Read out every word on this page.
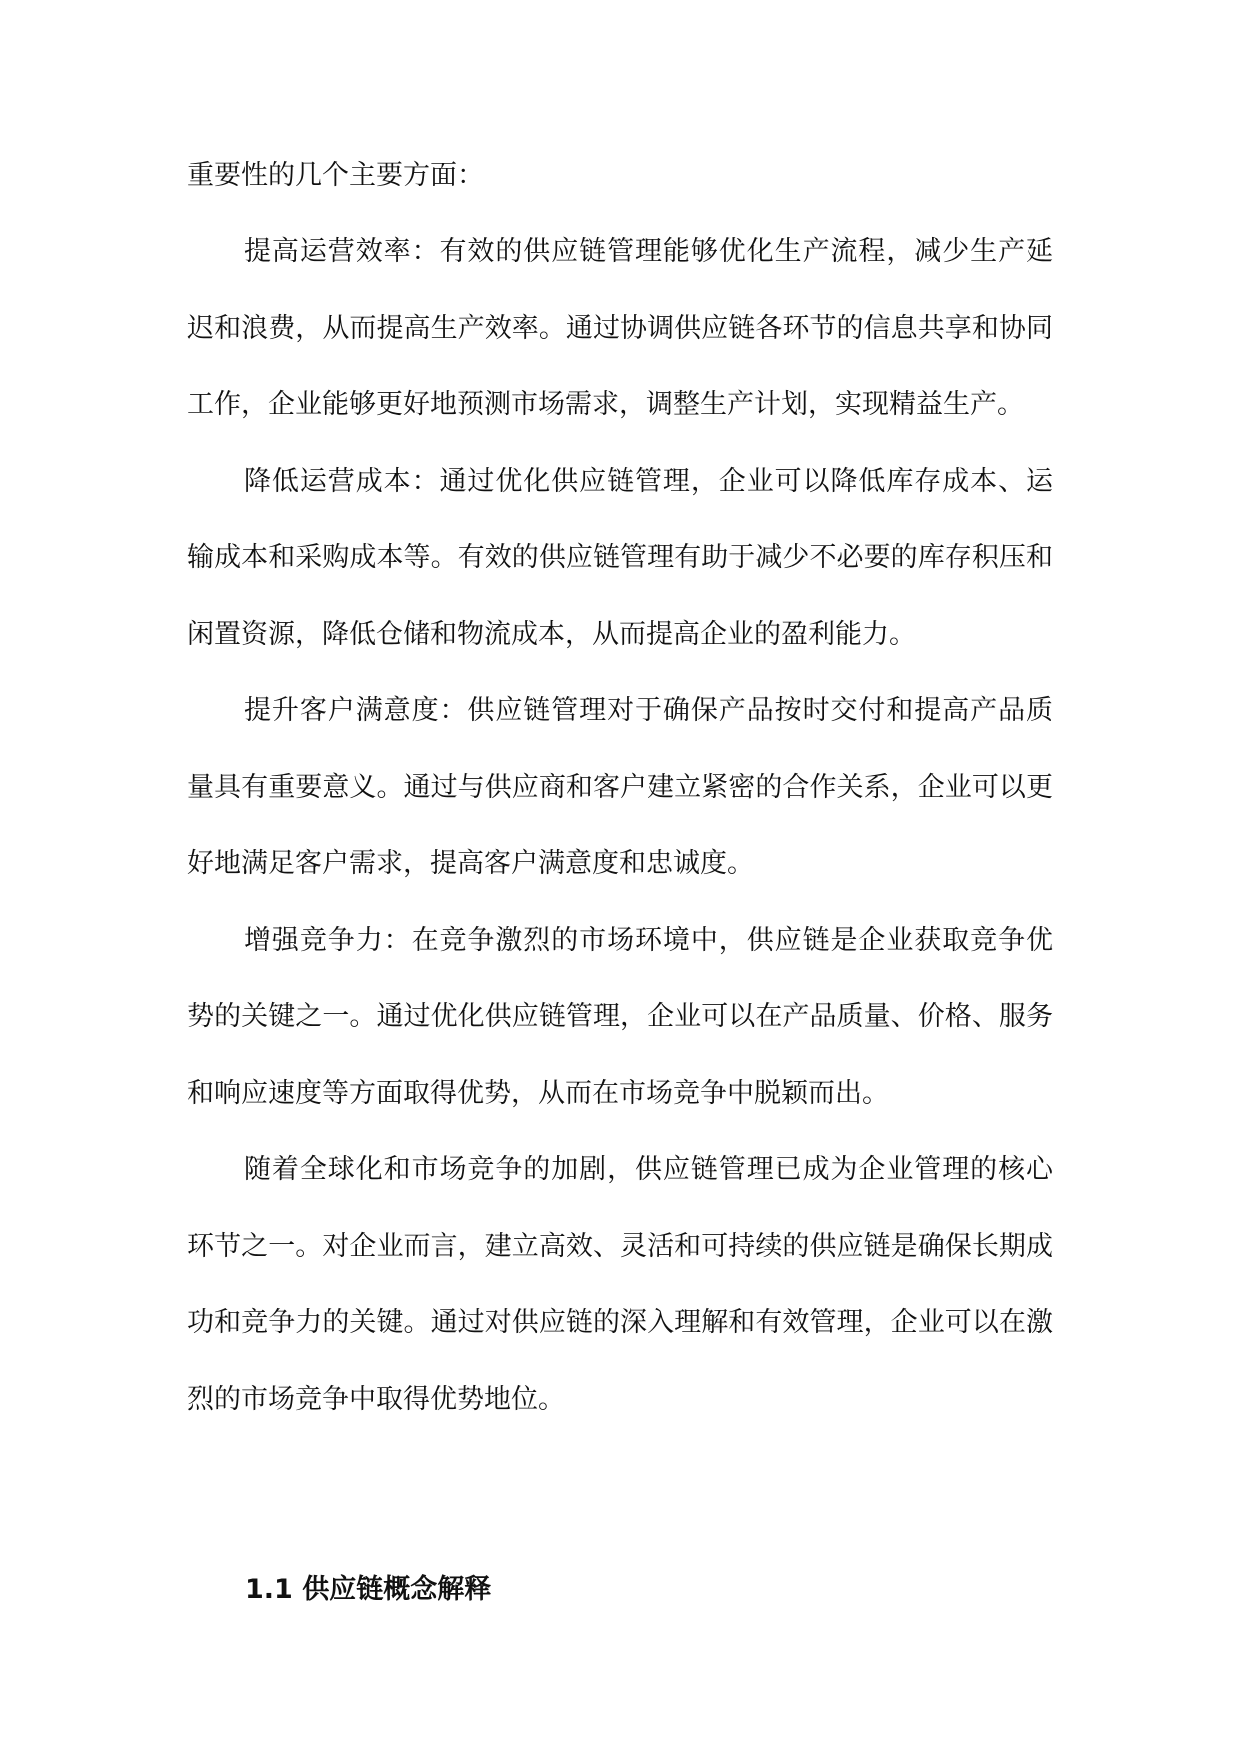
重要性的几个主要方面：

提高运营效率：有效的供应链管理能够优化生产流程，减少生产延迟和浪费，从而提高生产效率。通过协调供应链各环节的信息共享和协同工作，企业能够更好地预测市场需求，调整生产计划，实现精益生产。

降低运营成本：通过优化供应链管理，企业可以降低库存成本、运输成本和采购成本等。有效的供应链管理有助于减少不必要的库存积压和闲置资源，降低仓储和物流成本，从而提高企业的盈利能力。

提升客户满意度：供应链管理对于确保产品按时交付和提高产品质量具有重要意义。通过与供应商和客户建立紧密的合作关系，企业可以更好地满足客户需求，提高客户满意度和忠诚度。

增强竞争力：在竞争激烈的市场环境中，供应链是企业获取竞争优势的关键之一。通过优化供应链管理，企业可以在产品质量、价格、服务和响应速度等方面取得优势，从而在市场竞争中脱颖而出。

随着全球化和市场竞争的加剧，供应链管理已成为企业管理的核心环节之一。对企业而言，建立高效、灵活和可持续的供应链是确保长期成功和竞争力的关键。通过对供应链的深入理解和有效管理，企业可以在激烈的市场竞争中取得优势地位。

1.1 供应链概念解释
